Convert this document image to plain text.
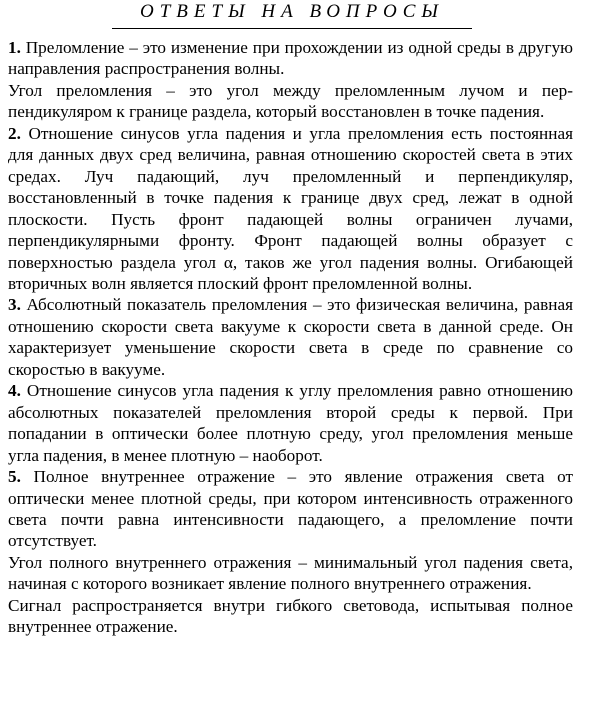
ОТВЕТЫ НА ВОПРОСЫ

1. Преломление – это изменение при прохождении из одной среды в другую направления распространения волны.

Угол преломления – это угол между преломленным лучом и перпендикуляром к границе раздела, который восстановлен в точке падения.

2. Отношение синусов угла падения и угла преломления есть постоянная для данных двух сред величина, равная отношению скоростей света в этих средах. Луч падающий, луч преломленный и перпендикуляр, восстановленный в точке падения к границе двух сред, лежат в одной плоскости. Пусть фронт падающей волны ограничен лучами, перпендикулярными фронту. Фронт падающей волны образует с поверхностью раздела угол α, таков же угол падения волны. Огибающей вторичных волн является плоский фронт преломленной волны.

3. Абсолютный показатель преломления – это физическая величина, равная отношению скорости света вакууме к скорости света в данной среде. Он характеризует уменьшение скорости света в среде по сравнение со скоростью в вакууме.

4. Отношение синусов угла падения к углу преломления равно отношению абсолютных показателей преломления второй среды к первой. При попадании в оптически более плотную среду, угол преломления меньше угла падения, в менее плотную – наоборот.

5. Полное внутреннее отражение – это явление отражения света от оптически менее плотной среды, при котором интенсивность отраженного света почти равна интенсивности падающего, а преломление почти отсутствует.

Угол полного внутреннего отражения – минимальный угол падения света, начиная с которого возникает явление полного внутреннего отражения.

Сигнал распространяется внутри гибкого световода, испытывая полное внутреннее отражение.
